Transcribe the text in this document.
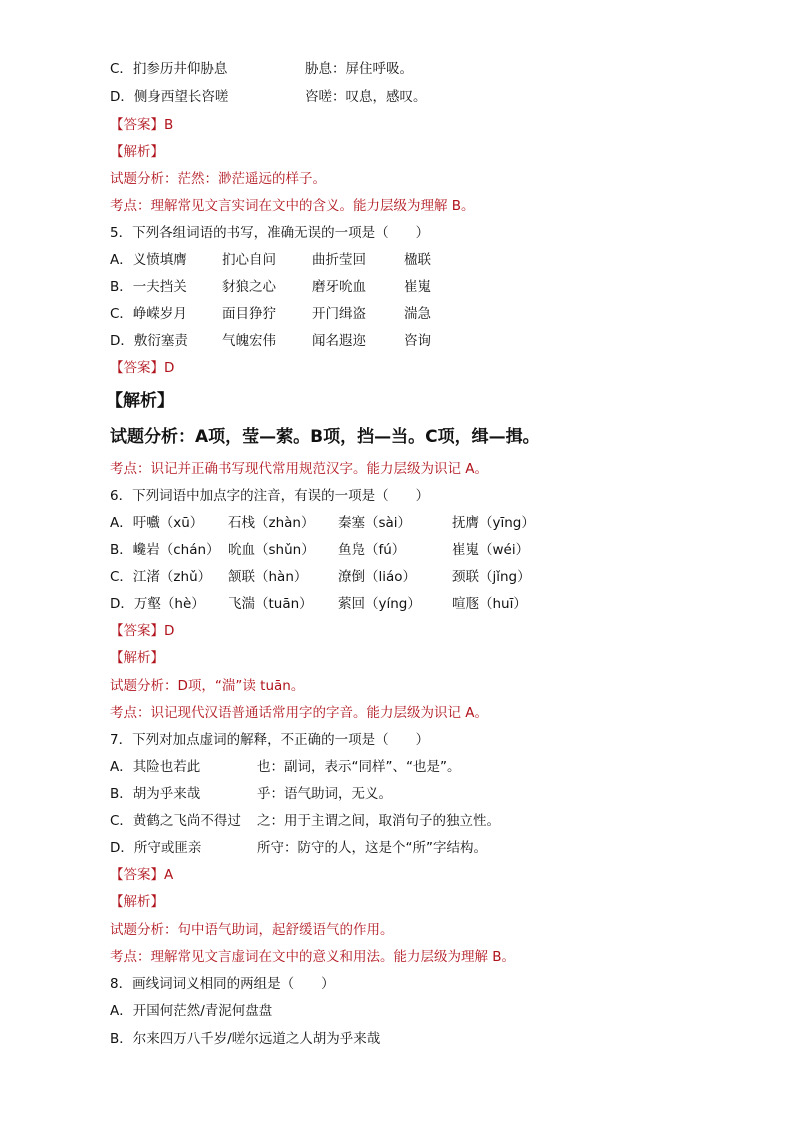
C．扪参历井仰胁息	胁息：屏住呼吸。
D．侧身西望长咨嗟	咨嗟：叹息，感叹。
【答案】B
【解析】
试题分析：茫然：渺茫遥远的样子。
考点：理解常见文言实词在文中的含义。能力层级为理解 B。
5．下列各组词语的书写，准确无误的一项是（　　）
A．义愤填膺	扪心自问	曲折莹回	楹联
B．一夫挡关	豺狼之心	磨牙吮血	崔嵬
C．峥嵘岁月	面目狰狞	开门缉盗	湍急
D．敷衍塞责	气魄宏伟	闻名遐迩	咨询
【答案】D
【解析】
试题分析：A项，莹—萦。B项，挡—当。C项，缉—揖。
考点：识记并正确书写现代常用规范汉字。能力层级为识记 A。
6．下列词语中加点字的注音，有误的一项是（　　）
A．吁嚱（xū） 石栈（zhàn） 秦塞（sài）	抚膺（yīng）
B．巉岩（chán） 吮血（shǔn） 鱼凫（fú）	崔嵬（wéi）
C．江渚（zhǔ） 颔联（hàn） 潦倒（liáo）	颈联（jǐng）
D．万壑（hè） 飞湍（tuān） 萦回（yíng） 喧豗（huī）
【答案】D
【解析】
试题分析：D项，“湍”读 tuān。
考点：识记现代汉语普通话常用字的字音。能力层级为识记 A。
7．下列对加点虚词的解释，不正确的一项是（　　）
A．其险也若此	也：副词，表示“同样”、“也是”。
B．胡为乎来哉	乎：语气助词，无义。
C．黄鹤之飞尚不得过 之：用于主谓之间，取消句子的独立性。
D．所守或匪亲	所守：防守的人，这是个“所”字结构。
【答案】A
【解析】
试题分析：句中语气助词，起舒缓语气的作用。
考点：理解常见文言虚词在文中的意义和用法。能力层级为理解 B。
8．画线词词义相同的两组是（　　）
A．开国何茫然/青泥何盘盘
B．尔来四万八千岁/嗟尔远道之人胡为乎来哉
